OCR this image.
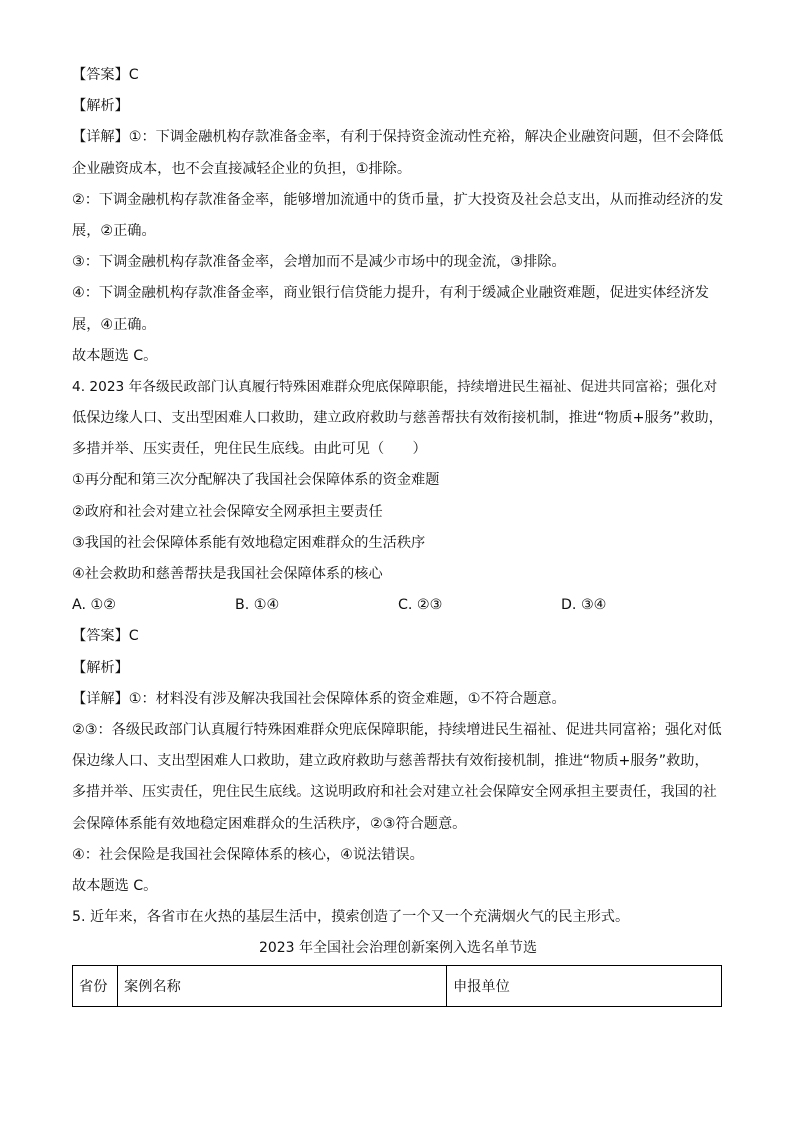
【答案】C
【解析】
【详解】①：下调金融机构存款准备金率，有利于保持资金流动性充裕，解决企业融资问题，但不会降低
企业融资成本，也不会直接减轻企业的负担，①排除。
②：下调金融机构存款准备金率，能够增加流通中的货币量，扩大投资及社会总支出，从而推动经济的发
展，②正确。
③：下调金融机构存款准备金率，会增加而不是减少市场中的现金流，③排除。
④：下调金融机构存款准备金率，商业银行信贷能力提升，有利于缓减企业融资难题，促进实体经济发
展，④正确。
故本题选 C。
4. 2023 年各级民政部门认真履行特殊困难群众兜底保障职能，持续增进民生福祉、促进共同富裕；强化对
低保边缘人口、支出型困难人口救助，建立政府救助与慈善帮扶有效衔接机制，推进“物质+服务”救助，
多措并举、压实责任，兜住民生底线。由此可见（　　）
①再分配和第三次分配解决了我国社会保障体系的资金难题
②政府和社会对建立社会保障安全网承担主要责任
③我国的社会保障体系能有效地稳定困难群众的生活秩序
④社会救助和慈善帮扶是我国社会保障体系的核心
A. ①②	B. ①④	C. ②③	D. ③④
【答案】C
【解析】
【详解】①：材料没有涉及解决我国社会保障体系的资金难题，①不符合题意。
②③：各级民政部门认真履行特殊困难群众兜底保障职能，持续增进民生福祉、促进共同富裕；强化对低
保边缘人口、支出型困难人口救助，建立政府救助与慈善帮扶有效衔接机制，推进“物质+服务”救助，
多措并举、压实责任，兜住民生底线。这说明政府和社会对建立社会保障安全网承担主要责任，我国的社
会保障体系能有效地稳定困难群众的生活秩序，②③符合题意。
④：社会保险是我国社会保障体系的核心，④说法错误。
故本题选 C。
5. 近年来，各省市在火热的基层生活中，摸索创造了一个又一个充满烟火气的民主形式。
2023 年全国社会治理创新案例入选名单节选
省份	案例名称	申报单位
